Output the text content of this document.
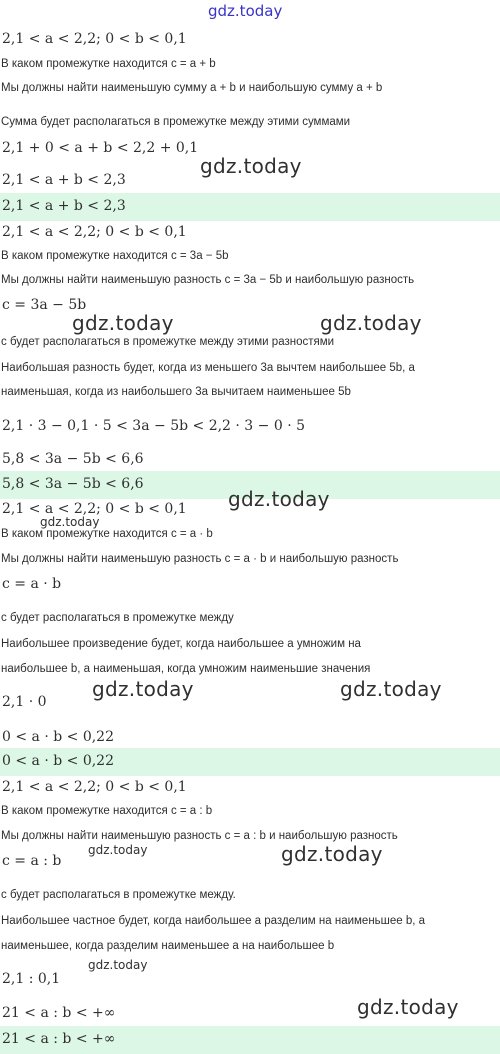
2,1 < a < 2,2; 0 < b < 0,1
В каком промежутке находится c = a + b
Мы должны найти наименьшую сумму a + b и наибольшую сумму a + b
Сумма будет располагаться в промежутке между этими суммами
2,1 + 0 < a + b < 2,2 + 0,1
2,1 < a + b < 2,3
2,1 < a + b < 2,3
2,1 < a < 2,2; 0 < b < 0,1
В каком промежутке находится c = 3a − 5b
Мы должны найти наименьшую разность c = 3a − 5b и наибольшую разность
c = 3a − 5b
c будет располагаться в промежутке между этими разностями
Наибольшая разность будет, когда из меньшего 3a вычтем наибольшее 5b, а
наименьшая, когда из наибольшего 3a вычитаем наименьшее 5b
2,1 · 3 − 0,1 · 5 < 3a − 5b < 2,2 · 3 − 0 · 5
5,8 < 3a − 5b < 6,6
5,8 < 3a − 5b < 6,6
2,1 < a < 2,2; 0 < b < 0,1
В каком промежутке находится c = a · b
Мы должны найти наименьшую разность c = a · b и наибольшую разность
c = a · b
c будет располагаться в промежутке между
Наибольшее произведение будет, когда наибольшее a умножим на
наибольшее b, а наименьшая, когда умножим наименьшие значения
2,1 · 0
0 < a · b < 0,22
0 < a · b < 0,22
2,1 < a < 2,2; 0 < b < 0,1
В каком промежутке находится c = a : b
Мы должны найти наименьшую разность c = a : b и наибольшую разность
c = a : b
c будет располагаться в промежутке между.
Наибольшее частное будет, когда наибольшее a разделим на наименьшее b, а
наименьшее, когда разделим наименьшее a на наибольшее b
2,1 : 0,1
21 < a : b < +∞
21 < a : b < +∞
gdz.today
gdz.today
gdz.today	gdz.today
gdz.today
gdz.today
gdz.today	gdz.today
gdz.today	gdz.today
gdz.today
gdz.today
